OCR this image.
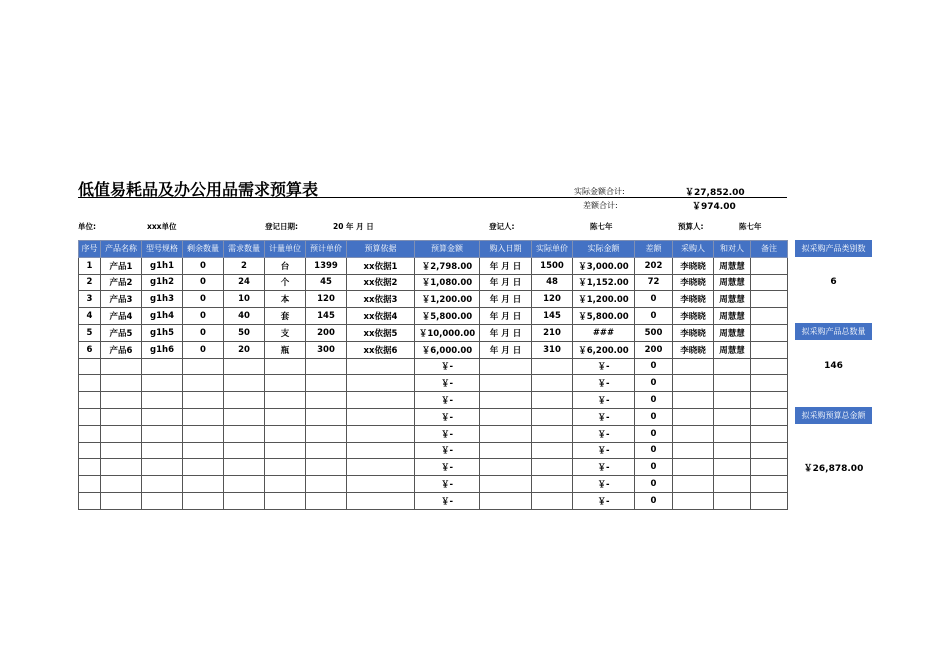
低值易耗品及办公用品需求预算表	实际金额合计:	￥27,852.00
差额合计:	￥974.00
单位:	xxx单位	登记日期:	20 年 月 日	登记人:	陈七年	预算人:	陈七年
序号	产品名称	型号规格	剩余数量	需求数量	计量单位	预计单价	预算依据	预算金额	购入日期	实际单价	实际金额	差额	采购人	和对人	备注
1	产品1	g1h1	0	2	台	1399	xx依据1	￥2,798.00	年 月 日	1500	￥3,000.00	202	李晓晓	周慧慧	
2	产品2	g1h2	0	24	个	45	xx依据2	￥1,080.00	年 月 日	48	￥1,152.00	72	李晓晓	周慧慧	
3	产品3	g1h3	0	10	本	120	xx依据3	￥1,200.00	年 月 日	120	￥1,200.00	0	李晓晓	周慧慧	
4	产品4	g1h4	0	40	套	145	xx依据4	￥5,800.00	年 月 日	145	￥5,800.00	0	李晓晓	周慧慧	
5	产品5	g1h5	0	50	支	200	xx依据5	￥10,000.00	年 月 日	210	###	500	李晓晓	周慧慧	
6	产品6	g1h6	0	20	瓶	300	xx依据6	￥6,000.00	年 月 日	310	￥6,200.00	200	李晓晓	周慧慧	
								￥-			￥-	0			
								￥-			￥-	0			
								￥-			￥-	0			
								￥-			￥-	0			
								￥-			￥-	0			
								￥-			￥-	0			
								￥-			￥-	0			
								￥-			￥-	0			
								￥-			￥-	0			
拟采购产品类别数
6
拟采购产品总数量
146
拟采购预算总金额
￥26,878.00
